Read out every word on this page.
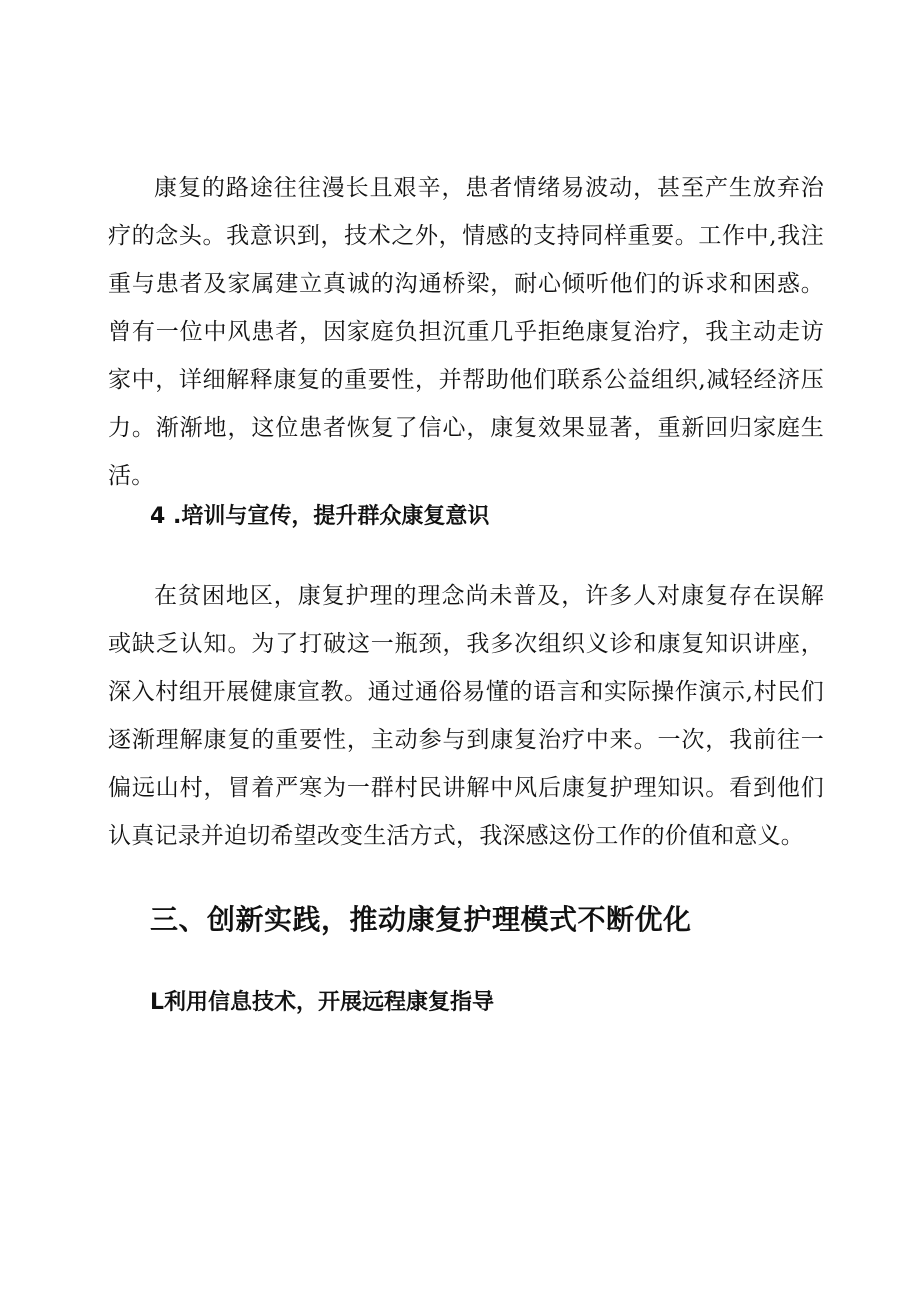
康复的路途往往漫长且艰辛，患者情绪易波动，甚至产生放弃治疗的念头。我意识到，技术之外，情感的支持同样重要。工作中,我注重与患者及家属建立真诚的沟通桥梁，耐心倾听他们的诉求和困惑。曾有一位中风患者，因家庭负担沉重几乎拒绝康复治疗，我主动走访家中，详细解释康复的重要性，并帮助他们联系公益组织,减轻经济压力。渐渐地，这位患者恢复了信心，康复效果显著，重新回归家庭生活。

4 .培训与宣传，提升群众康复意识

在贫困地区，康复护理的理念尚未普及，许多人对康复存在误解或缺乏认知。为了打破这一瓶颈，我多次组织义诊和康复知识讲座，深入村组开展健康宣教。通过通俗易懂的语言和实际操作演示,村民们逐渐理解康复的重要性，主动参与到康复治疗中来。一次，我前往一偏远山村，冒着严寒为一群村民讲解中风后康复护理知识。看到他们认真记录并迫切希望改变生活方式，我深感这份工作的价值和意义。

三、创新实践，推动康复护理模式不断优化
L利用信息技术，开展远程康复指导
